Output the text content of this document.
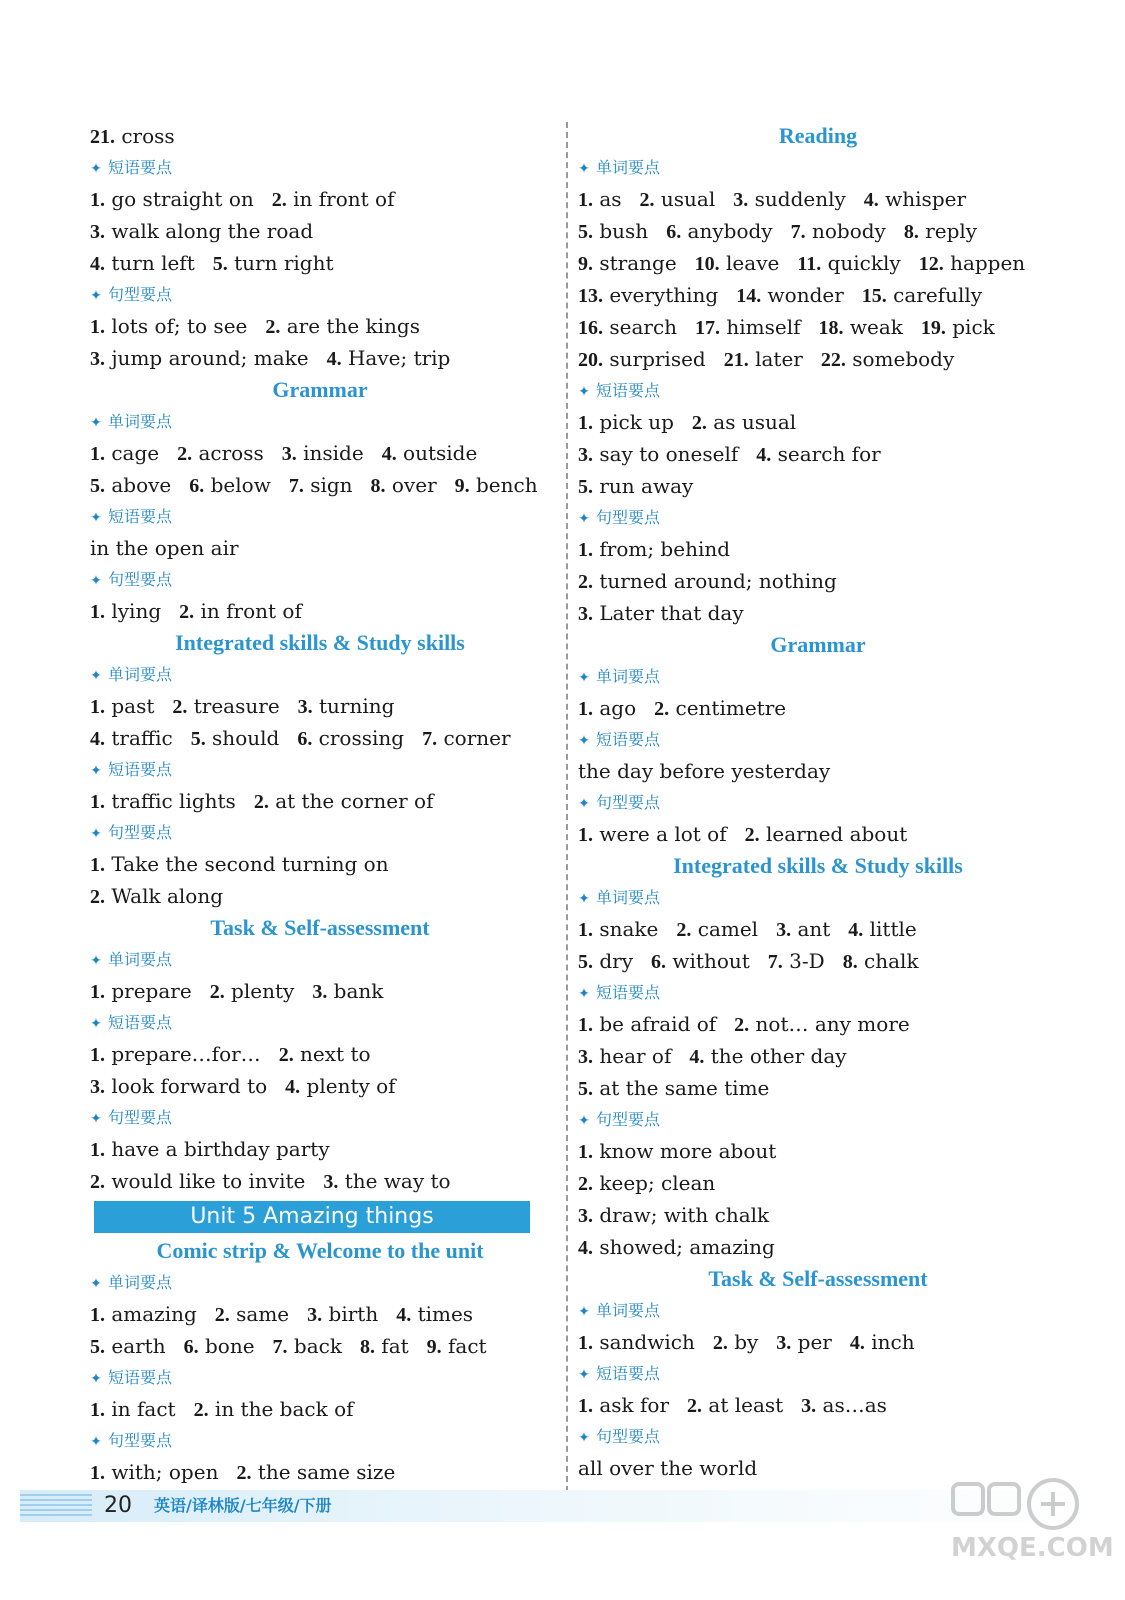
21. cross
✦ 短语要点
1. go straight on 2. in front of
3. walk along the road
4. turn left 5. turn right
✦ 句型要点
1. lots of; to see 2. are the kings
3. jump around; make 4. Have; trip
Grammar
✦ 单词要点
1. cage 2. across 3. inside 4. outside
5. above 6. below 7. sign 8. over 9. bench
✦ 短语要点
in the open air
✦ 句型要点
1. lying 2. in front of
Integrated skills & Study skills
✦ 单词要点
1. past 2. treasure 3. turning
4. traffic 5. should 6. crossing 7. corner
✦ 短语要点
1. traffic lights 2. at the corner of
✦ 句型要点
1. Take the second turning on
2. Walk along
Task & Self-assessment
✦ 单词要点
1. prepare 2. plenty 3. bank
✦ 短语要点
1. prepare…for… 2. next to
3. look forward to 4. plenty of
✦ 句型要点
1. have a birthday party
2. would like to invite 3. the way to
Unit 5 Amazing things
Comic strip & Welcome to the unit
✦ 单词要点
1. amazing 2. same 3. birth 4. times
5. earth 6. bone 7. back 8. fat 9. fact
✦ 短语要点
1. in fact 2. in the back of
✦ 句型要点
1. with; open 2. the same size
Reading
✦ 单词要点
1. as 2. usual 3. suddenly 4. whisper
5. bush 6. anybody 7. nobody 8. reply
9. strange 10. leave 11. quickly 12. happen
13. everything 14. wonder 15. carefully
16. search 17. himself 18. weak 19. pick
20. surprised 21. later 22. somebody
✦ 短语要点
1. pick up 2. as usual
3. say to oneself 4. search for
5. run away
✦ 句型要点
1. from; behind
2. turned around; nothing
3. Later that day
Grammar
✦ 单词要点
1. ago 2. centimetre
✦ 短语要点
the day before yesterday
✦ 句型要点
1. were a lot of 2. learned about
Integrated skills & Study skills
✦ 单词要点
1. snake 2. camel 3. ant 4. little
5. dry 6. without 7. 3-D 8. chalk
✦ 短语要点
1. be afraid of 2. not… any more
3. hear of 4. the other day
5. at the same time
✦ 句型要点
1. know more about
2. keep; clean
3. draw; with chalk
4. showed; amazing
Task & Self-assessment
✦ 单词要点
1. sandwich 2. by 3. per 4. inch
✦ 短语要点
1. ask for 2. at least 3. as…as
✦ 句型要点
all over the world
20 英语/译林版/七年级/下册
MXQE.COM
